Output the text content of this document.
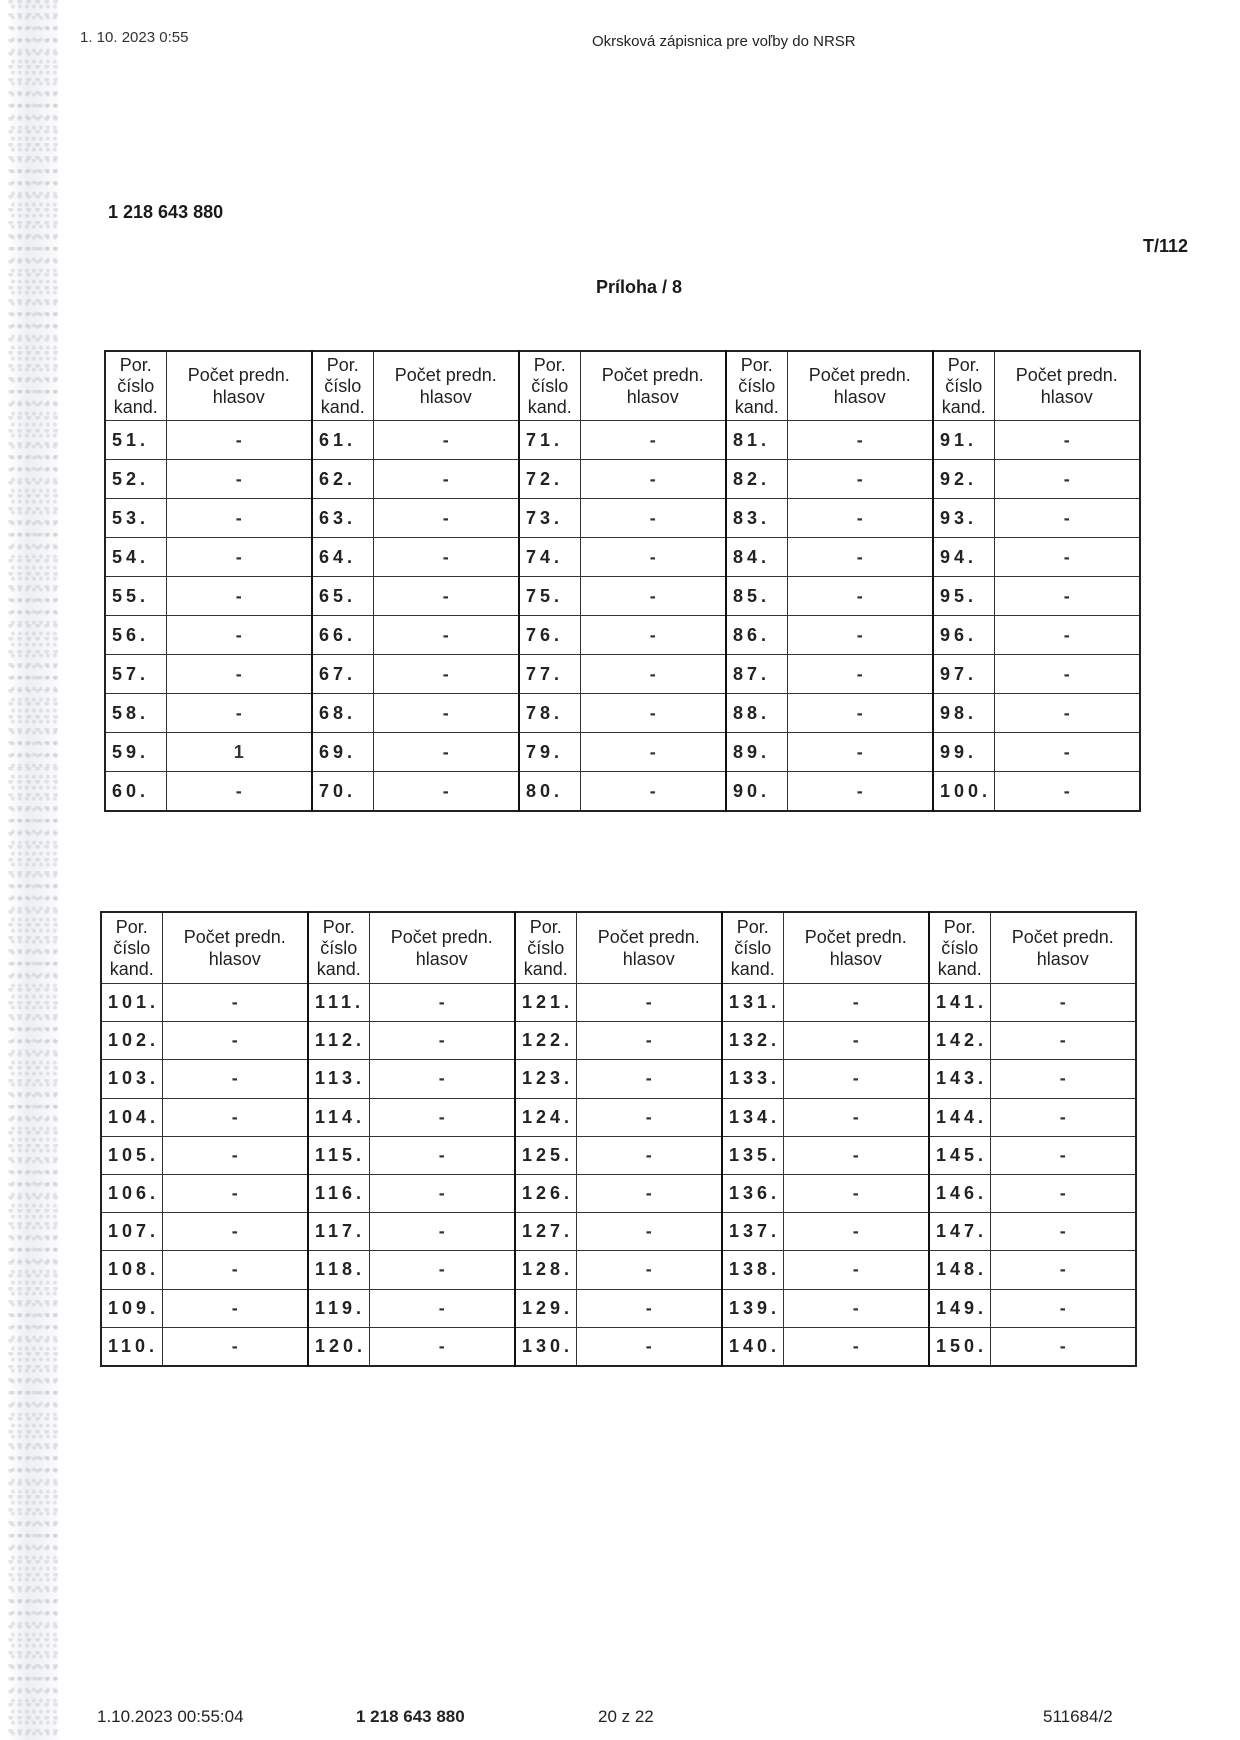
1. 10. 2023 0:55	Okrsková zápisnica pre voľby do NRSR
1 218 643 880
T/112
Príloha / 8
Por.
číslo
kand.	Počet predn.
hlasov	Por.
číslo
kand.	Počet predn.
hlasov	Por.
číslo
kand.	Počet predn.
hlasov	Por.
číslo
kand.	Počet predn.
hlasov	Por.
číslo
kand.	Počet predn.
hlasov
51.	-	61.	-	71.	-	81.	-	91.	-
52.	-	62.	-	72.	-	82.	-	92.	-
53.	-	63.	-	73.	-	83.	-	93.	-
54.	-	64.	-	74.	-	84.	-	94.	-
55.	-	65.	-	75.	-	85.	-	95.	-
56.	-	66.	-	76.	-	86.	-	96.	-
57.	-	67.	-	77.	-	87.	-	97.	-
58.	-	68.	-	78.	-	88.	-	98.	-
59.	1	69.	-	79.	-	89.	-	99.	-
60.	-	70.	-	80.	-	90.	-	100.	-
Por.
číslo
kand.	Počet predn.
hlasov	Por.
číslo
kand.	Počet predn.
hlasov	Por.
číslo
kand.	Počet predn.
hlasov	Por.
číslo
kand.	Počet predn.
hlasov	Por.
číslo
kand.	Počet predn.
hlasov
101.	-	111.	-	121.	-	131.	-	141.	-
102.	-	112.	-	122.	-	132.	-	142.	-
103.	-	113.	-	123.	-	133.	-	143.	-
104.	-	114.	-	124.	-	134.	-	144.	-
105.	-	115.	-	125.	-	135.	-	145.	-
106.	-	116.	-	126.	-	136.	-	146.	-
107.	-	117.	-	127.	-	137.	-	147.	-
108.	-	118.	-	128.	-	138.	-	148.	-
109.	-	119.	-	129.	-	139.	-	149.	-
110.	-	120.	-	130.	-	140.	-	150.	-
1.10.2023 00:55:04	1 218 643 880	20 z 22	511684/2
